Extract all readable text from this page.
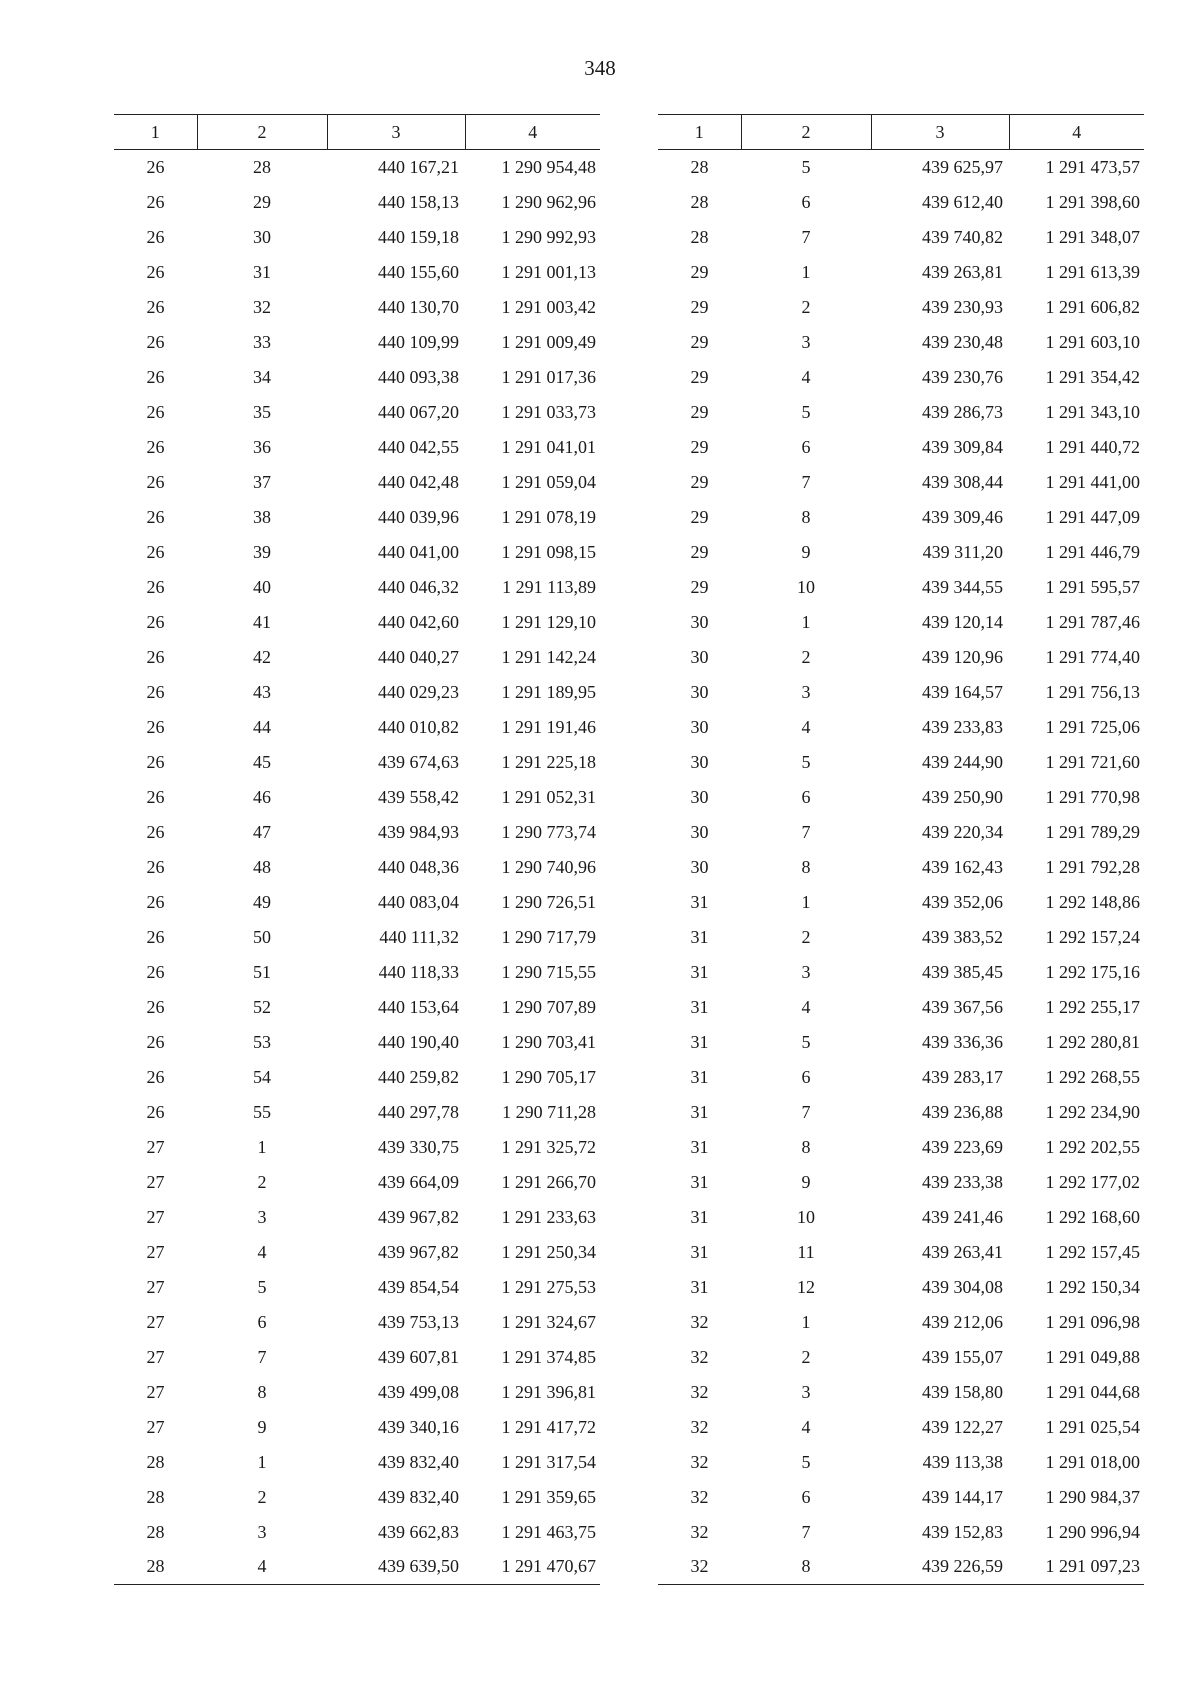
348
1	2	3	4
26	28	440 167,21	1 290 954,48
26	29	440 158,13	1 290 962,96
26	30	440 159,18	1 290 992,93
26	31	440 155,60	1 291 001,13
26	32	440 130,70	1 291 003,42
26	33	440 109,99	1 291 009,49
26	34	440 093,38	1 291 017,36
26	35	440 067,20	1 291 033,73
26	36	440 042,55	1 291 041,01
26	37	440 042,48	1 291 059,04
26	38	440 039,96	1 291 078,19
26	39	440 041,00	1 291 098,15
26	40	440 046,32	1 291 113,89
26	41	440 042,60	1 291 129,10
26	42	440 040,27	1 291 142,24
26	43	440 029,23	1 291 189,95
26	44	440 010,82	1 291 191,46
26	45	439 674,63	1 291 225,18
26	46	439 558,42	1 291 052,31
26	47	439 984,93	1 290 773,74
26	48	440 048,36	1 290 740,96
26	49	440 083,04	1 290 726,51
26	50	440 111,32	1 290 717,79
26	51	440 118,33	1 290 715,55
26	52	440 153,64	1 290 707,89
26	53	440 190,40	1 290 703,41
26	54	440 259,82	1 290 705,17
26	55	440 297,78	1 290 711,28
27	1	439 330,75	1 291 325,72
27	2	439 664,09	1 291 266,70
27	3	439 967,82	1 291 233,63
27	4	439 967,82	1 291 250,34
27	5	439 854,54	1 291 275,53
27	6	439 753,13	1 291 324,67
27	7	439 607,81	1 291 374,85
27	8	439 499,08	1 291 396,81
27	9	439 340,16	1 291 417,72
28	1	439 832,40	1 291 317,54
28	2	439 832,40	1 291 359,65
28	3	439 662,83	1 291 463,75
28	4	439 639,50	1 291 470,67
1	2	3	4
28	5	439 625,97	1 291 473,57
28	6	439 612,40	1 291 398,60
28	7	439 740,82	1 291 348,07
29	1	439 263,81	1 291 613,39
29	2	439 230,93	1 291 606,82
29	3	439 230,48	1 291 603,10
29	4	439 230,76	1 291 354,42
29	5	439 286,73	1 291 343,10
29	6	439 309,84	1 291 440,72
29	7	439 308,44	1 291 441,00
29	8	439 309,46	1 291 447,09
29	9	439 311,20	1 291 446,79
29	10	439 344,55	1 291 595,57
30	1	439 120,14	1 291 787,46
30	2	439 120,96	1 291 774,40
30	3	439 164,57	1 291 756,13
30	4	439 233,83	1 291 725,06
30	5	439 244,90	1 291 721,60
30	6	439 250,90	1 291 770,98
30	7	439 220,34	1 291 789,29
30	8	439 162,43	1 291 792,28
31	1	439 352,06	1 292 148,86
31	2	439 383,52	1 292 157,24
31	3	439 385,45	1 292 175,16
31	4	439 367,56	1 292 255,17
31	5	439 336,36	1 292 280,81
31	6	439 283,17	1 292 268,55
31	7	439 236,88	1 292 234,90
31	8	439 223,69	1 292 202,55
31	9	439 233,38	1 292 177,02
31	10	439 241,46	1 292 168,60
31	11	439 263,41	1 292 157,45
31	12	439 304,08	1 292 150,34
32	1	439 212,06	1 291 096,98
32	2	439 155,07	1 291 049,88
32	3	439 158,80	1 291 044,68
32	4	439 122,27	1 291 025,54
32	5	439 113,38	1 291 018,00
32	6	439 144,17	1 290 984,37
32	7	439 152,83	1 290 996,94
32	8	439 226,59	1 291 097,23
